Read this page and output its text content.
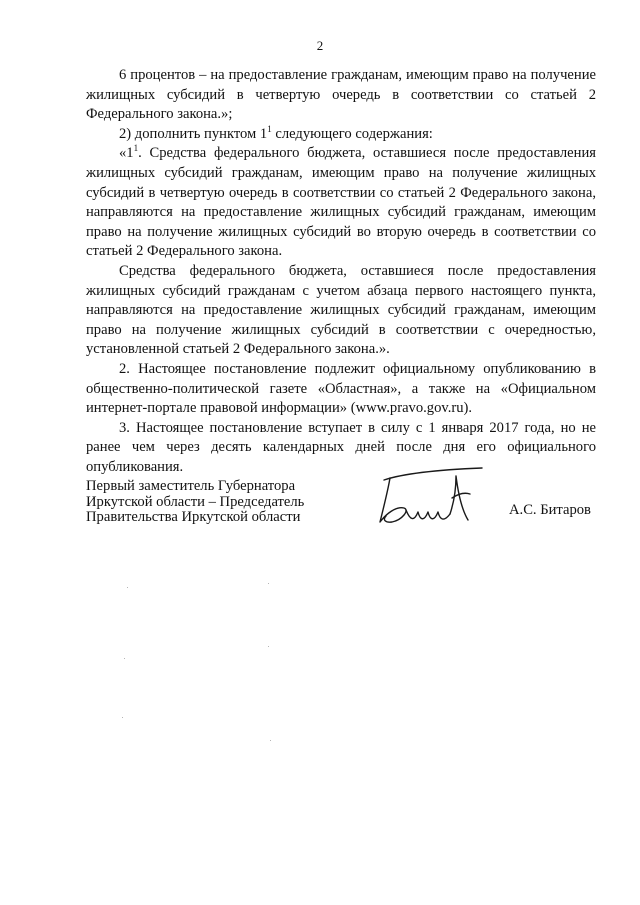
2

6 процентов – на предоставление гражданам, имеющим право на получение жилищных субсидий в четвертую очередь в соответствии со статьей 2 Федерального закона.»;

2) дополнить пунктом $1^1$ следующего содержания:

«$1^1$. Средства федерального бюджета, оставшиеся после предоставления жилищных субсидий гражданам, имеющим право на получение жилищных субсидий в четвертую очередь в соответствии со статьей 2 Федерального закона, направляются на предоставление жилищных субсидий гражданам, имеющим право на получение жилищных субсидий во вторую очередь в соответствии со статьей 2 Федерального закона.

Средства федерального бюджета, оставшиеся после предоставления жилищных субсидий гражданам с учетом абзаца первого настоящего пункта, направляются на предоставление жилищных субсидий гражданам, имеющим право на получение жилищных субсидий в соответствии с очередностью, установленной статьей 2 Федерального закона.».

2. Настоящее постановление подлежит официальному опубликованию в общественно-политической газете «Областная», а также на «Официальном интернет-портале правовой информации» (www.pravo.gov.ru).

3. Настоящее постановление вступает в силу с 1 января 2017 года, но не ранее чем через десять календарных дней после дня его официального опубликования.

Первый заместитель Губернатора
Иркутской области – Председатель
Правительства Иркутской области	А.С. Битаров
